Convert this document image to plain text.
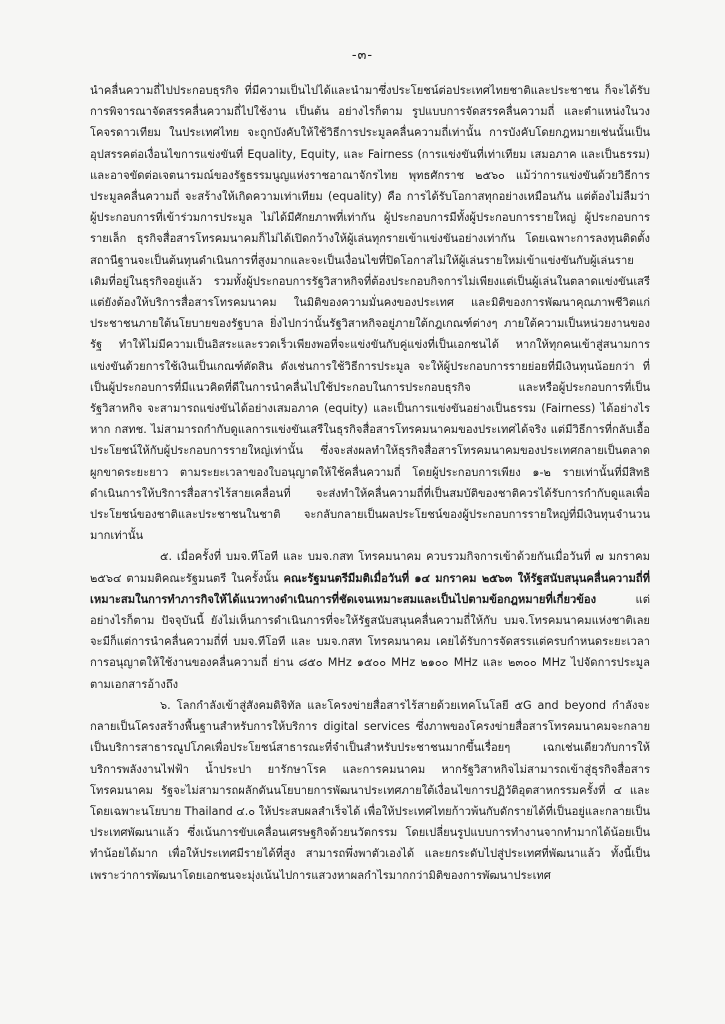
-๓-

นำคลื่นความถี่ไปประกอบธุรกิจ ที่มีความเป็นไปได้และนำมาซึ่งประโยชน์ต่อประเทศไทยชาติและประชาชน ก็จะได้รับการพิจารณาจัดสรรคลื่นความถี่ไปใช้งาน เป็นต้น อย่างไรก็ตาม รูปแบบการจัดสรรคลื่นความถี่ และตำแหน่งในวงโคจรดาวเทียม ในประเทศไทย จะถูกบังคับให้ใช้วิธีการประมูลคลื่นความถี่เท่านั้น การบังคับโดยกฎหมายเช่นนั้นเป็นอุปสรรคต่อเงื่อนไขการแข่งขันที่ Equality, Equity, และ Fairness (การแข่งขันที่เท่าเทียม เสมอภาค และเป็นธรรม) และอาจขัดต่อเจตนารมณ์ของรัฐธรรมนูญแห่งราชอาณาจักรไทย พุทธศักราช ๒๕๖๐ แม้ว่าการแข่งขันด้วยวิธีการประมูลคลื่นความถี่ จะสร้างให้เกิดความเท่าเทียม (equality) คือ การได้รับโอกาสทุกอย่างเหมือนกัน แต่ต้องไม่ลืมว่า ผู้ประกอบการที่เข้าร่วมการประมูล ไม่ได้มีศักยภาพที่เท่ากัน ผู้ประกอบการมีทั้งผู้ประกอบการรายใหญ่ ผู้ประกอบการรายเล็ก ธุรกิจสื่อสารโทรคมนาคมก็ไม่ได้เปิดกว้างให้ผู้เล่นทุกรายเข้าแข่งขันอย่างเท่ากัน โดยเฉพาะการลงทุนติดตั้งสถานีฐานจะเป็นต้นทุนดำเนินการที่สูงมากและจะเป็นเงื่อนไขที่ปิดโอกาสไม่ให้ผู้เล่นรายใหม่เข้าแข่งขันกับผู้เล่นรายเดิมที่อยู่ในธุรกิจอยู่แล้ว รวมทั้งผู้ประกอบการรัฐวิสาหกิจที่ต้องประกอบกิจการไม่เพียงแต่เป็นผู้เล่นในตลาดแข่งขันเสรี แต่ยังต้องให้บริการสื่อสารโทรคมนาคม ในมิติของความมั่นคงของประเทศ และมิติของการพัฒนาคุณภาพชีวิตแก่ประชาชนภายใต้นโยบายของรัฐบาล ยิ่งไปกว่านั้นรัฐวิสาหกิจอยู่ภายใต้กฎเกณฑ์ต่างๆ ภายใต้ความเป็นหน่วยงานของรัฐ ทำให้ไม่มีความเป็นอิสระและรวดเร็วเพียงพอที่จะแข่งขันกับคู่แข่งที่เป็นเอกชนได้ หากให้ทุกคนเข้าสู่สนามการแข่งขันด้วยการใช้เงินเป็นเกณฑ์ตัดสิน ดังเช่นการใช้วิธีการประมูล จะให้ผู้ประกอบการรายย่อยที่มีเงินทุนน้อยกว่า ที่เป็นผู้ประกอบการที่มีแนวคิดที่ดีในการนำคลื่นไปใช้ประกอบในการประกอบธุรกิจ และหรือผู้ประกอบการที่เป็นรัฐวิสาหกิจ จะสามารถแข่งขันได้อย่างเสมอภาค (equity) และเป็นการแข่งขันอย่างเป็นธรรม (Fairness) ได้อย่างไร หาก กสทช. ไม่สามารถกำกับดูแลการแข่งขันเสรีในธุรกิจสื่อสารโทรคมนาคมของประเทศได้จริง แต่มีวิธีการที่กลับเอื้อประโยชน์ให้กับผู้ประกอบการรายใหญ่เท่านั้น ซึ่งจะส่งผลทำให้ธุรกิจสื่อสารโทรคมนาคมของประเทศกลายเป็นตลาดผูกขาดระยะยาว ตามระยะเวลาของใบอนุญาตให้ใช้คลื่นความถี่ โดยผู้ประกอบการเพียง ๑-๒ รายเท่านั้นที่มีสิทธิดำเนินการให้บริการสื่อสารไร้สายเคลื่อนที่ จะส่งทำให้คลื่นความถี่ที่เป็นสมบัติของชาติควรได้รับการกำกับดูแลเพื่อประโยชน์ของชาติและประชาชนในชาติ จะกลับกลายเป็นผลประโยชน์ของผู้ประกอบการรายใหญ่ที่มีเงินทุนจำนวนมากเท่านั้น

๕. เมื่อครั้งที่ บมจ.ทีโอที และ บมจ.กสท โทรคมนาคม ควบรวมกิจการเข้าด้วยกันเมื่อวันที่ ๗ มกราคม ๒๕๖๔ ตามมติคณะรัฐมนตรี ในครั้งนั้น คณะรัฐมนตรีมีมติเมื่อวันที่ ๑๔ มกราคม ๒๕๖๓ ให้รัฐสนับสนุนคลื่นความถี่ที่เหมาะสมในการทำภารกิจให้ได้แนวทางดำเนินการที่ชัดเจนเหมาะสมและเป็นไปตามข้อกฎหมายที่เกี่ยวข้อง แต่อย่างไรก็ตาม ปัจจุบันนี้ ยังไม่เห็นการดำเนินการที่จะให้รัฐสนับสนุนคลื่นความถี่ให้กับ บมจ.โทรคมนาคมแห่งชาติเลย จะมีก็แต่การนำคลื่นความถี่ที่ บมจ.ทีโอที และ บมจ.กสท โทรคมนาคม เคยได้รับการจัดสรรแต่ครบกำหนดระยะเวลาการอนุญาตให้ใช้งานของคลื่นความถี่ ย่าน ๘๕๐ MHz ๑๕๐๐ MHz ๒๑๐๐ MHz และ ๒๓๐๐ MHz ไปจัดการประมูล ตามเอกสารอ้างถึง

๖. โลกกำลังเข้าสู่สังคมดิจิทัล และโครงข่ายสื่อสารไร้สายด้วยเทคโนโลยี ๕G and beyond กำลังจะกลายเป็นโครงสร้างพื้นฐานสำหรับการให้บริการ digital services ซึ่งภาพของโครงข่ายสื่อสารโทรคมนาคมจะกลายเป็นบริการสาธารณูปโภคเพื่อประโยชน์สาธารณะที่จำเป็นสำหรับประชาชนมากขึ้นเรื่อยๆ เฉกเช่นเดียวกับการให้บริการพลังงานไฟฟ้า น้ำประปา ยารักษาโรค และการคมนาคม หากรัฐวิสาหกิจไม่สามารถเข้าสู่ธุรกิจสื่อสารโทรคมนาคม รัฐจะไม่สามารถผลักดันนโยบายการพัฒนาประเทศภายใต้เงื่อนไขการปฏิวัติอุตสาหกรรมครั้งที่ ๔ และโดยเฉพาะนโยบาย Thailand ๔.๐ ให้ประสบผลสำเร็จได้ เพื่อให้ประเทศไทยก้าวพ้นกับดักรายได้ที่เป็นอยู่และกลายเป็นประเทศพัฒนาแล้ว ซึ่งเน้นการขับเคลื่อนเศรษฐกิจด้วยนวัตกรรม โดยเปลี่ยนรูปแบบการทำงานจากทำมากได้น้อยเป็นทำน้อยได้มาก เพื่อให้ประเทศมีรายได้ที่สูง สามารถพึ่งพาตัวเองได้ และยกระดับไปสู่ประเทศที่พัฒนาแล้ว ทั้งนี้เป็นเพราะว่าการพัฒนาโดยเอกชนจะมุ่งเน้นไปการแสวงหาผลกำไรมากกว่ามิติของการพัฒนาประเทศ
